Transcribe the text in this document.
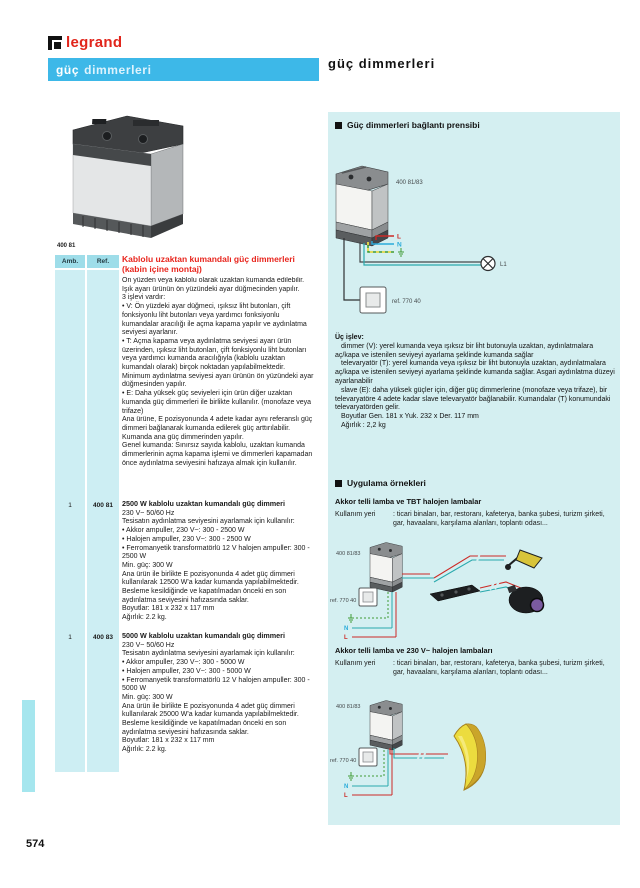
legrand
güç dimmerleri	güç dimmerleri
400 81
Amb.	Ref.	Kablolu uzaktan kumandalı güç dimmerleri
(kabin içine montaj)

Ön yüzden veya kablolu olarak uzaktan kumanda edilebilir.

Işık ayarı ürünün ön yüzündeki ayar düğmecinden yapılır.

3 işlevi vardır:

• V: Ön yüzdeki ayar düğmeci, ışıksız liht butonları, çift fonksiyonlu liht butonları veya yardımcı fonksiyonlu kumandalar aracılığı ile açma kapama yapılır ve aydınlatma seviyesi ayarlanır.

• T: Açma kapama veya aydınlatma seviyesi ayarı ürün üzerinden, ışıksız liht butonları, çift fonksiyonlu liht butonları veya yardımcı kumanda aracılığıyla (kablolu uzaktan kumandalı olarak) birçok noktadan yapılabilmektedir.

Minimum aydınlatma seviyesi ayarı ürünün ön yüzündeki ayar düğmesinden yapılır.

• E: Daha yüksek güç seviyeleri için ürün diğer uzaktan kumanda güç dimmerleri ile birlikte kullanılır. (monofaze veya trifaze)

Ana ürüne, E pozisyonunda 4 adete kadar aynı referanslı güç dimmeri bağlanarak kumanda edilerek güç arttırılabilir. Kumanda ana güç dimmerinden yapılır.

Genel kumanda: Sınırsız sayıda kablolu, uzaktan kumanda dimmerlerinin açma kapama işlemi ve dimmerleri kapamadan önce aydınlatma seviyesini hafızaya almak için kullanılır.

1	400 81	2500 W kablolu uzaktan kumandalı güç dimmeri

230 V~ 50/60 Hz

Tesisatın aydınlatma seviyesini ayarlamak için kullanılır:

• Akkor ampuller, 230 V~: 300 - 2500 W

• Halojen ampuller, 230 V~: 300 - 2500 W

• Ferromanyetik transformatörlü 12 V halojen ampuller: 300 - 2500 W

Min. güç: 300 W

Ana ürün ile birlikte E pozisyonunda 4 adet güç dimmeri kullanılarak 12500 W'a kadar kumanda yapılabilmektedir.

Besleme kesildiğinde ve kapatılmadan önceki en son aydınlatma seviyesini hafızasında saklar.

Boyutlar: 181 x 232 x 117 mm

Ağırlık: 2.2 kg.

1	400 83	5000 W kablolu uzaktan kumandalı güç dimmeri

230 V~ 50/60 Hz

Tesisatın aydınlatma seviyesini ayarlamak için kullanılır:

• Akkor ampuller, 230 V~: 300 - 5000 W

• Halojen ampuller, 230 V~: 300 - 5000 W

• Ferromanyetik transformatörlü 12 V halojen ampuller: 300 - 5000 W

Min. güç: 300 W

Ana ürün ile birlikte E pozisyonunda 4 adet güç dimmeri kullanılarak 25000 W'a kadar kumanda yapılabilmektedir.

Besleme kesildiğinde ve kapatılmadan önceki en son aydınlatma seviyesini hafızasında saklar.

Boyutlar: 181 x 232 x 117 mm

Ağırlık: 2.2 kg.

Güç dimmerleri bağlantı prensibi
400 81/83
L
N
L1
ref. 770 40

Üç işlev:

dimmer (V): yerel kumanda veya ışıksız bir liht butonuyla uzaktan, aydınlatmalara aç/kapa ve istenilen seviyeyi ayarlama şeklinde kumanda sağlar

televaryatör (T): yerel kumanda veya ışıksız bir liht butonuyla uzaktan, aydınlatmalara aç/kapa ve istenilen seviyeyi ayarlama şeklinde kumanda sağlar. Asgari aydınlatma düzeyi ayarlanabilir

slave (E): daha yüksek güçler için, diğer güç dimmerlerine (monofaze veya trifaze), bir televaryatöre 4 adete kadar slave televaryatör bağlanabilir. Kumandalar (T) konumundaki televaryatörden gelir.

Boyutlar Gen. 181 x Yuk. 232 x Der. 117 mm

Ağırlık : 2,2 kg

Uygulama örnekleri
Akkor telli lamba ve TBT halojen lambalar
Kullanım yeri	: ticari binaları, bar, restoranı, kafeterya, banka şubesi, turizm şirketi, gar, havaalanı, karşılama alanları, toplantı odası...
400 81/83
ref. 770 40
N
L
Akkor telli lamba ve 230 V~ halojen lambaları
Kullanım yeri	: ticari binaları, bar, restoranı, kafeterya, banka şubesi, turizm şirketi, gar, havaalanı, karşılama alanları, toplantı odası...
400 81/83
ref. 770 40
N
L
574
